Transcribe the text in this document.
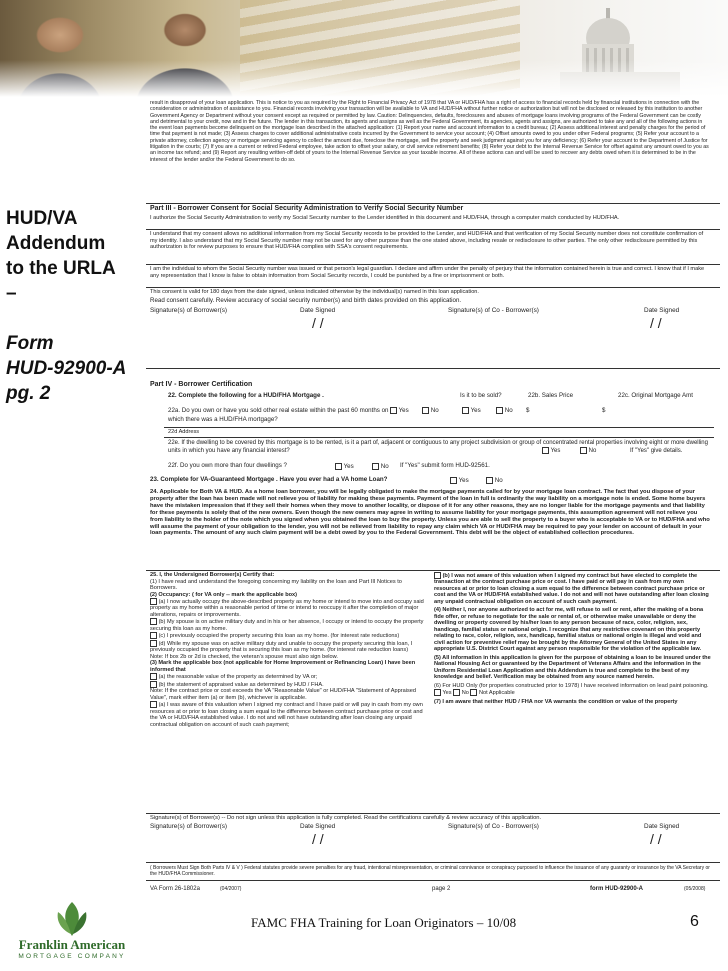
HUD/VA
Addendum
to the URLA
–
Form
HUD-92900-A
pg. 2

result in disapproval of your loan application. This is notice to you as required by the Right to Financial Privacy Act of 1978 that VA or HUD/FHA has a right of access to financial records held by financial institutions in connection with the consideration or administration of assistance to you. Financial records involving your transaction will be available to VA and HUD/FHA without further notice or authorization but will not be disclosed or released by this institution to another Government Agency or Department without your consent except as required or permitted by law. Caution: Delinquencies, defaults, foreclosures and abuses of mortgage loans involving programs of the Federal Government can be costly and detrimental to your credit, now and in the future. The lender in this transaction, its agents and assigns as well as the Federal Government, its agencies, agents and assigns, are authorized to take any and all of the following actions in the event loan payments become delinquent on the mortgage loan described in the attached application: (1) Report your name and account information to a credit bureau; (2) Assess additional interest and penalty charges for the period of time that payment is not made; (3) Assess charges to cover additional administrative costs incurred by the Government to service your account; (4) Offset amounts owed to you under other Federal programs; (5) Refer your account to a private attorney, collection agency or mortgage servicing agency to collect the amount due, foreclose the mortgage, sell the property and seek judgment against you for any deficiency; (6) Refer your account to the Department of Justice for litigation in the courts; (7) If you are a current or retired Federal employee, take action to offset your salary, or civil service retirement benefits; (8) Refer your debt to the Internal Revenue Service for offset against any amount owed to you as an income tax refund; and (9) Report any resulting written-off debt of yours to the Internal Revenue Service as your taxable income. All of these actions can and will be used to recover any debts owed when it is determined to be in the interest of the lender and/or the Federal Government to do so.

Part III - Borrower Consent for Social Security Administration to Verify Social Security Number

I authorize the Social Security Administration to verify my Social Security number to the Lender identified in this document and HUD/FHA, through a computer match conducted by HUD/FHA.

I understand that my consent allows no additional information from my Social Security records to be provided to the Lender, and HUD/FHA and that verification of my Social Security number does not constitute confirmation of my identity. I also understand that my Social Security number may not be used for any other purpose than the one stated above, including resale or redisclosure to other parties. The only other redisclosure permitted by this authorization is for review purposes to ensure that HUD/FHA complies with SSA's consent requirements.

I am the individual to whom the Social Security number was issued or that person's legal guardian. I declare and affirm under the penalty of perjury that the information contained herein is true and correct. I know that if I make any representation that I know is false to obtain information from Social Security records, I could be punished by a fine or imprisonment or both.

This consent is valid for 180 days from the date signed, unless indicated otherwise by the individual(s) named in this loan application.

Read consent carefully. Review accuracy of social security number(s) and birth dates provided on this application.

Signature(s) of Borrower(s)	Date Signed	Signature(s) of Co - Borrower(s)	Date Signed
/ /	/ /

Part IV - Borrower Certification

22. Complete the following for a HUD/FHA Mortgage .	Is it to be sold?	22b. Sales Price	22c. Original Mortgage Amt
22a. Do you own or have you sold other real estate within the past 60 months on which there was a HUD/FHA mortgage?
Yes	No	Yes	No $	$

22d Address

22e. If the dwelling to be covered by this mortgage is to be rented, is it a part of, adjacent or contiguous to any project subdivision or group of concentrated rental properties involving eight or more dwelling units in which you have any financial interest?	Yes	No	If "Yes" give details.
22f. Do you own more than four dwellings ?	Yes	No If "Yes" submit form HUD-92561.
23. Complete for VA-Guaranteed Mortgage . Have you ever had a VA home Loan?	Yes	No

24. Applicable for Both VA & HUD. As a home loan borrower, you will be legally obligated to make the mortgage payments called for by your mortgage loan contract. The fact that you dispose of your property after the loan has been made will not relieve you of liability for making these payments. Payment of the loan in full is ordinarily the way liability on a mortgage note is ended. Some home buyers have the mistaken impression that if they sell their homes when they move to another locality, or dispose of it for any other reasons, they are no longer liable for the mortgage payments and that liability for these payments is solely that of the new owners. Even though the new owners may agree in writing to assume liability for your mortgage payments, this assumption agreement will not relieve you from liability to the holder of the note which you signed when you obtained the loan to buy the property. Unless you are able to sell the property to a buyer who is acceptable to VA or to HUD/FHA and who will assume the payment of your obligation to the lender, you will not be relieved from liability to repay any claim which VA or HUD/FHA may be required to pay your lender on account of default in your loan payments. The amount of any such claim payment will be a debt owed by you to the Federal Government. This debt will be the object of established collection procedures.

25. I, the Undersigned Borrower(s) Certify that:

(1) I have read and understand the foregoing concerning my liability on the loan and Part III Notices to Borrowers.

(2) Occupancy: ( for VA only -- mark the applicable box)

(a) I now actually occupy the above-described property as my home or intend to move into and occupy said property as my home within a reasonable period of time or intend to reoccupy it after the completion of major alterations, repairs or improvements.

(b) My spouse is on active military duty and in his or her absence, I occupy or intend to occupy the property securing this loan as my home.

(c) I previously occupied the property securing this loan as my home. (for interest rate reductions)

(d) While my spouse was on active military duty and unable to occupy the property securing this loan, I previously occupied the property that is securing this loan as my home. (for interest rate reduction loans)

Note: If box 2b or 2d is checked, the veteran's spouse must also sign below.

(3) Mark the applicable box (not applicable for Home Improvement or Refinancing Loan) I have been informed that

(a) the reasonable value of the property as determined by VA or;

(b) the statement of appraised value as determined by HUD / FHA.

Note: If the contract price or cost exceeds the VA "Reasonable Value" or HUD/FHA "Statement of Appraised Value", mark either item (a) or item (b), whichever is applicable.

(a) I was aware of this valuation when I signed my contract and I have paid or will pay in cash from my own resources at or prior to loan closing a sum equal to the difference between contract purchase price or cost and the VA or HUD/FHA established value. I do not and will not have outstanding after loan closing any unpaid contractual obligation on account of such cash payment;

(b) I was not aware of this valuation when I signed my contract but have elected to complete the transaction at the contract purchase price or cost. I have paid or will pay in cash from my own resources at or prior to loan closing a sum equal to the difference between contract purchase price or cost and the VA or HUD/FHA established value. I do not and will not have outstanding after loan closing any unpaid contractual obligation on account of such cash payment.

(4) Neither I, nor anyone authorized to act for me, will refuse to sell or rent, after the making of a bona fide offer, or refuse to negotiate for the sale or rental of, or otherwise make unavailable or deny the dwelling or property covered by his/her loan to any person because of race, color, religion, sex, handicap, familial status or national origin. I recognize that any restrictive covenant on this property relating to race, color, religion, sex, handicap, familial status or national origin is illegal and void and civil action for preventive relief may be brought by the Attorney General of the United States in any appropriate U.S. District Court against any person responsible for the violation of the applicable law.

(5) All information in this application is given for the purpose of obtaining a loan to be insured under the National Housing Act or guaranteed by the Department of Veterans Affairs and the information in the Uniform Residential Loan Application and this Addendum is true and complete to the best of my knowledge and belief. Verification may be obtained from any source named herein.

(6) For HUD Only (for properties constructed prior to 1978) I have received information on lead paint poisoning.  Yes No Not Applicable

(7) I am aware that neither HUD / FHA nor VA warrants the condition or value of the property

Signature(s) of Borrower(s) -- Do not sign unless this application is fully completed. Read the certifications carefully & review accuracy of this application.

Signature(s) of Borrower(s)	Date Signed	Signature(s) of Co - Borrower(s)	Date Signed
/ /	/ /

( Borrowers Must Sign Both Parts IV & V ) Federal statutes provide severe penalties for any fraud, intentional misrepresentation, or criminal connivance or conspiracy purposed to influence the issuance of any guaranty or insurance by the VA Secretary or the HUD/FHA Commissioner.

VA Form 26-1802a	(04/2007)	page 2	form HUD-92900-A	(05/2008)
Franklin American
MORTGAGE COMPANY
FAMC FHA Training for Loan Originators – 10/08	6
